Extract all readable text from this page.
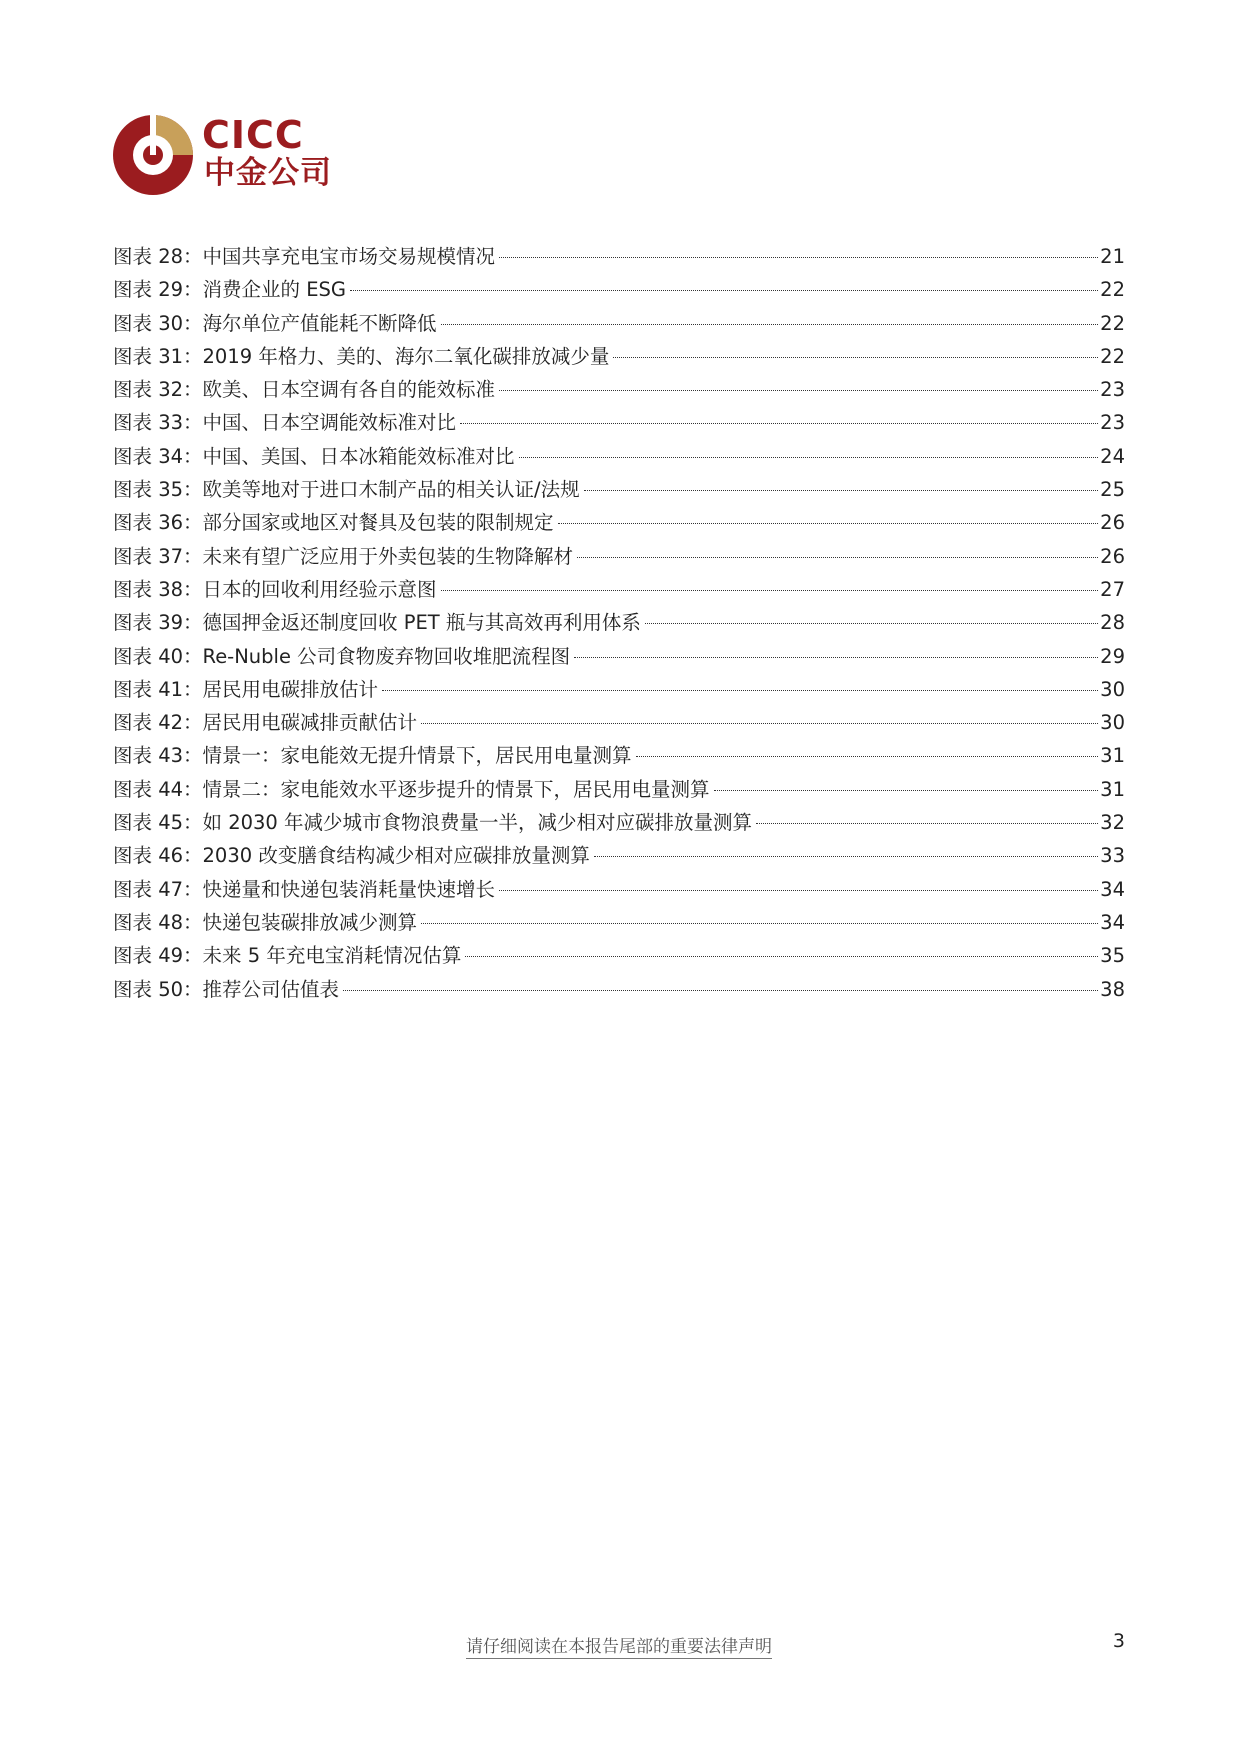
CICC
中金公司
图表 28： 中国共享充电宝市场交易规模情况	21
图表 29： 消费企业的 ESG	22
图表 30： 海尔单位产值能耗不断降低	22
图表 31： 2019 年格力、美的、海尔二氧化碳排放减少量	22
图表 32： 欧美、日本空调有各自的能效标准	23
图表 33： 中国、日本空调能效标准对比	23
图表 34： 中国、美国、日本冰箱能效标准对比	24
图表 35： 欧美等地对于进口木制产品的相关认证/法规	25
图表 36： 部分国家或地区对餐具及包装的限制规定	26
图表 37： 未来有望广泛应用于外卖包装的生物降解材	26
图表 38： 日本的回收利用经验示意图	27
图表 39： 德国押金返还制度回收 PET 瓶与其高效再利用体系	28
图表 40： Re-Nuble 公司食物废弃物回收堆肥流程图	29
图表 41： 居民用电碳排放估计	30
图表 42： 居民用电碳减排贡献估计	30
图表 43： 情景一：家电能效无提升情景下，居民用电量测算	31
图表 44： 情景二：家电能效水平逐步提升的情景下，居民用电量测算	31
图表 45： 如 2030 年减少城市食物浪费量一半，减少相对应碳排放量测算	32
图表 46： 2030 改变膳食结构减少相对应碳排放量测算	33
图表 47： 快递量和快递包装消耗量快速增长	34
图表 48： 快递包装碳排放减少测算	34
图表 49： 未来 5 年充电宝消耗情况估算	35
图表 50： 推荐公司估值表	38
请仔细阅读在本报告尾部的重要法律声明	3
